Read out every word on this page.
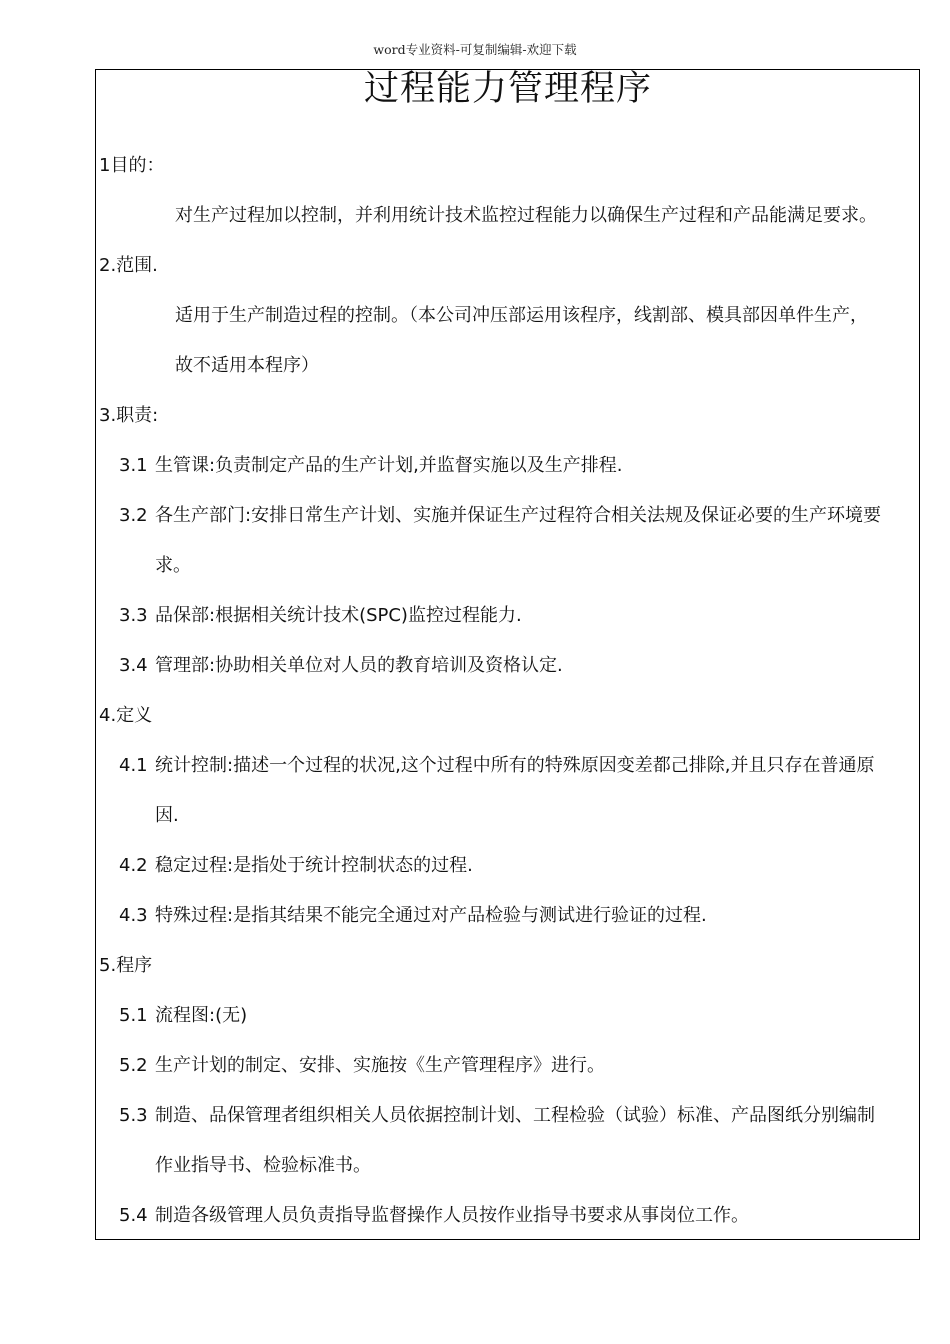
word专业资料-可复制编辑-欢迎下载
过程能力管理程序
1目的：
对生产过程加以控制，并利用统计技术监控过程能力以确保生产过程和产品能满足要求。
2.范围.
适用于生产制造过程的控制。（本公司冲压部运用该程序，线割部、模具部因单件生产，
故不适用本程序）
3.职责:
3.1 生管课:负责制定产品的生产计划,并监督实施以及生产排程.
3.2 各生产部门:安排日常生产计划、实施并保证生产过程符合相关法规及保证必要的生产环境要
求。
3.3 品保部:根据相关统计技术(SPC)监控过程能力.
3.4 管理部:协助相关单位对人员的教育培训及资格认定.
4.定义
4.1 统计控制:描述一个过程的状况,这个过程中所有的特殊原因变差都己排除,并且只存在普通原
因.
4.2 稳定过程:是指处于统计控制状态的过程.
4.3 特殊过程:是指其结果不能完全通过对产品检验与测试进行验证的过程.
5.程序
5.1 流程图:(无)
5.2 生产计划的制定、安排、实施按《生产管理程序》进行。
5.3 制造、品保管理者组织相关人员依据控制计划、工程检验（试验）标准、产品图纸分别编制
作业指导书、检验标准书。
5.4 制造各级管理人员负责指导监督操作人员按作业指导书要求从事岗位工作。
